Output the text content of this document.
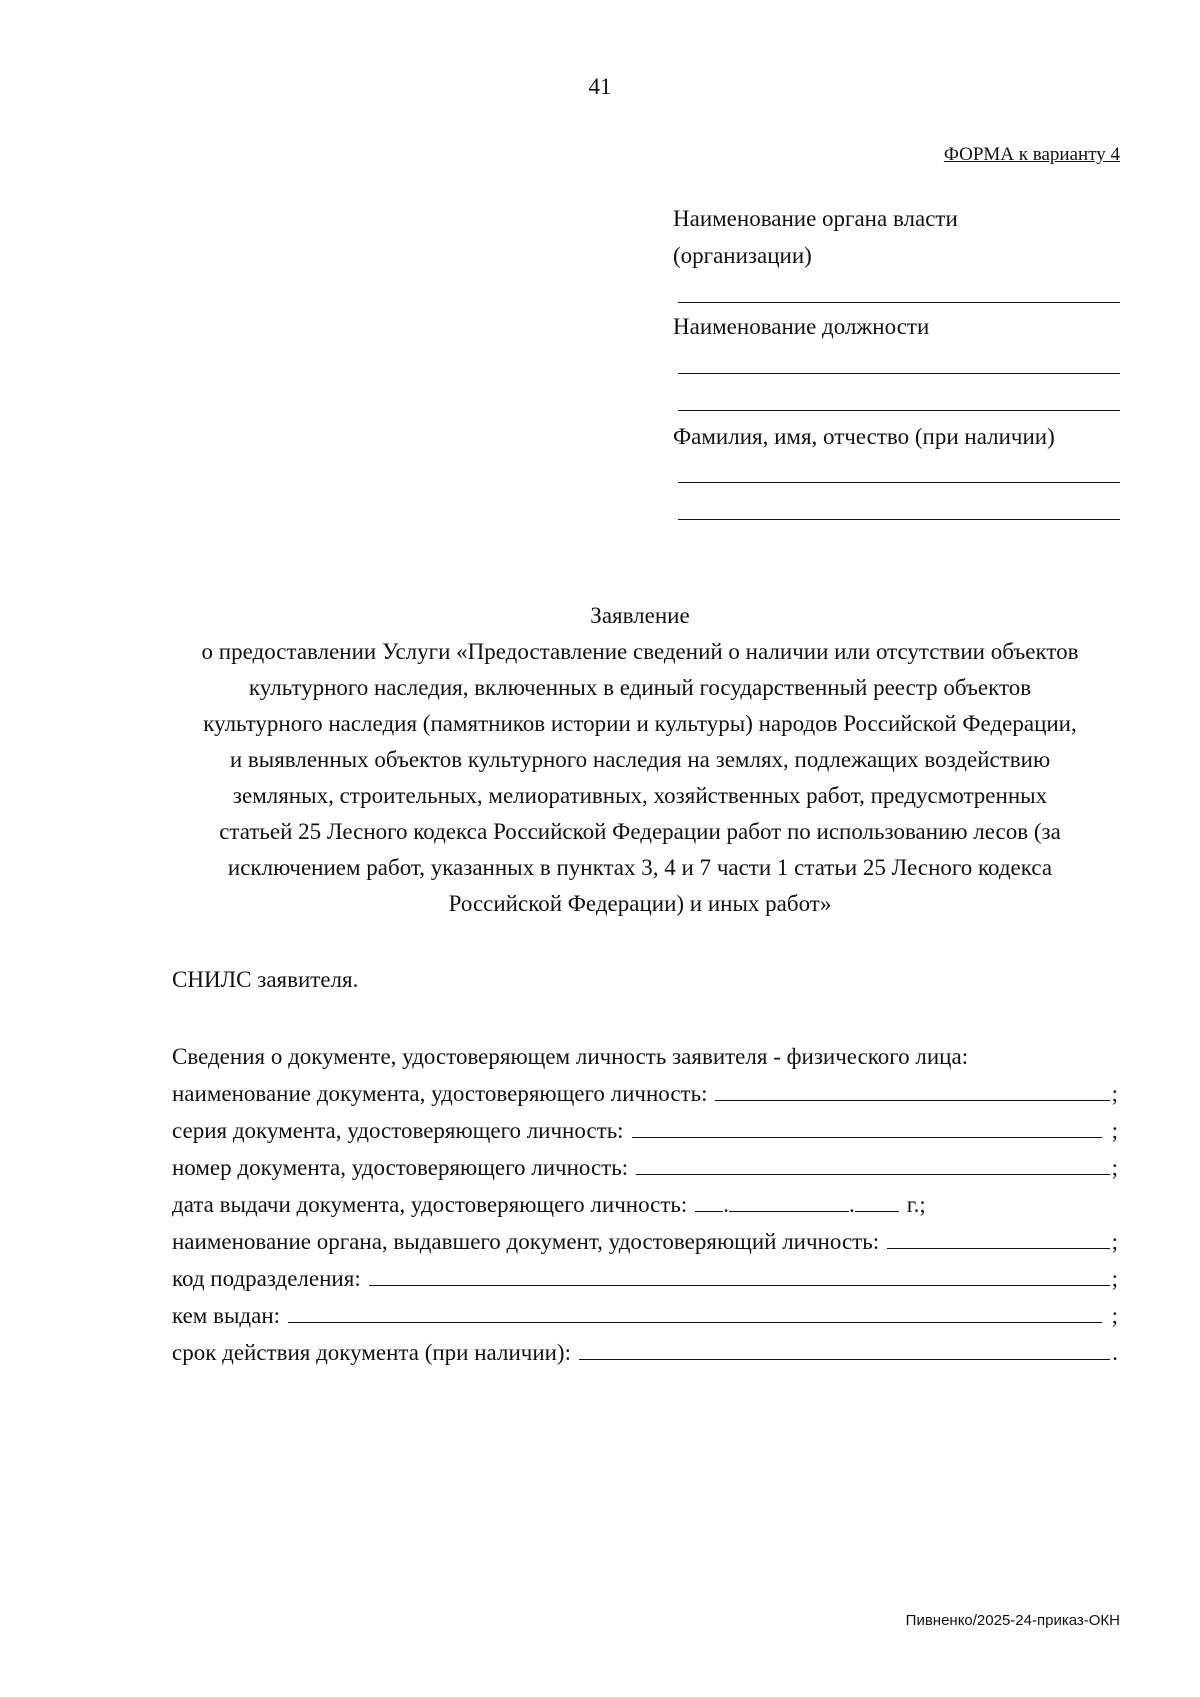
41
ФОРМА к варианту 4
Наименование органа власти
(организации)
Наименование должности
Фамилия, имя, отчество (при наличии)
Заявление
о предоставлении Услуги «Предоставление сведений о наличии или отсутствии объектов
культурного наследия, включенных в единый государственный реестр объектов
культурного наследия (памятников истории и культуры) народов Российской Федерации,
и выявленных объектов культурного наследия на землях, подлежащих воздействию
земляных, строительных, мелиоративных, хозяйственных работ, предусмотренных
статьей 25 Лесного кодекса Российской Федерации работ по использованию лесов (за
исключением работ, указанных в пунктах 3, 4 и 7 части 1 статьи 25 Лесного кодекса
Российской Федерации) и иных работ»
СНИЛС заявителя.
Сведения о документе, удостоверяющем личность заявителя - физического лица:
наименование документа, удостоверяющего личность:	;
серия документа, удостоверяющего личность:	;
номер документа, удостоверяющего личность:	;
дата выдачи документа, удостоверяющего личность:	.	.	г.;
наименование органа, выдавшего документ, удостоверяющий личность:	;
код подразделения:	;
кем выдан:	;
срок действия документа (при наличии):	.
Пивненко/2025-24-приказ-ОКН
